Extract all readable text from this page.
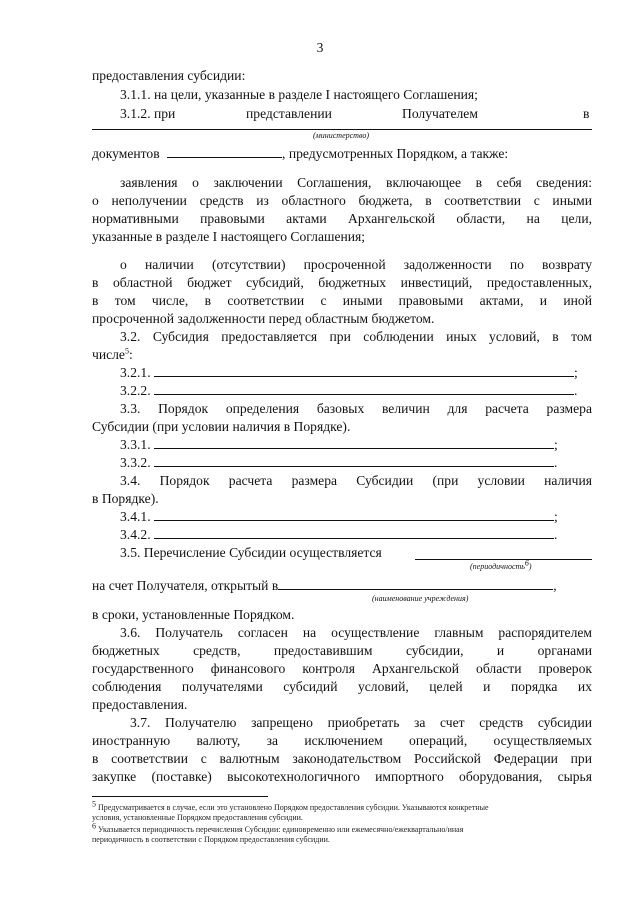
3
предоставления субсидии:
3.1.1. на цели, указанные в разделе I настоящего Соглашения;
3.1.2. при	представлении	Получателем	в
(министерство)
документов	, предусмотренных Порядком, а также:
заявления о заключении Соглашения, включающее в себя сведения:
о неполучении средств из областного бюджета, в соответствии с иными
нормативными правовыми актами Архангельской области, на цели,
указанные в разделе I настоящего Соглашения;
о наличии (отсутствии) просроченной задолженности по возврату
в областной бюджет субсидий, бюджетных инвестиций, предоставленных,
в том числе, в соответствии с иными правовыми актами, и иной
просроченной задолженности перед областным бюджетом.
3.2. Субсидия предоставляется при соблюдении иных условий, в том
числе$^5$:
3.2.1.	;
3.2.2.	.
3.3. Порядок определения базовых величин для расчета размера
Субсидии (при условии наличия в Порядке).
3.3.1.	;
3.3.2.	.
3.4. Порядок расчета размера Субсидии (при условии наличия
в Порядке).
3.4.1.	;
3.4.2.	.
3.5. Перечисление Субсидии осуществляется
(периодичность$^6$)
на счет Получателя, открытый в	,
(наименование учреждения)
в сроки, установленные Порядком.
3.6. Получатель согласен на осуществление главным распорядителем
бюджетных средств, предоставившим субсидии, и органами
государственного финансового контроля Архангельской области проверок
соблюдения получателями субсидий условий, целей и порядка их
предоставления.
3.7. Получателю запрещено приобретать за счет средств субсидии
иностранную валюту, за исключением операций, осуществляемых
в соответствии с валютным законодательством Российской Федерации при
закупке (поставке) высокотехнологичного импортного оборудования, сырья
$^5$ Предусматривается в случае, если это установлено Порядком предоставления субсидии. Указываются конкретные
условия, установленные Порядком предоставления субсидии.
$^6$ Указывается периодичность перечисления Субсидии: единовременно или ежемесячно/ежеквартально/иная
периодичность в соответствии с Порядком предоставления субсидии.
